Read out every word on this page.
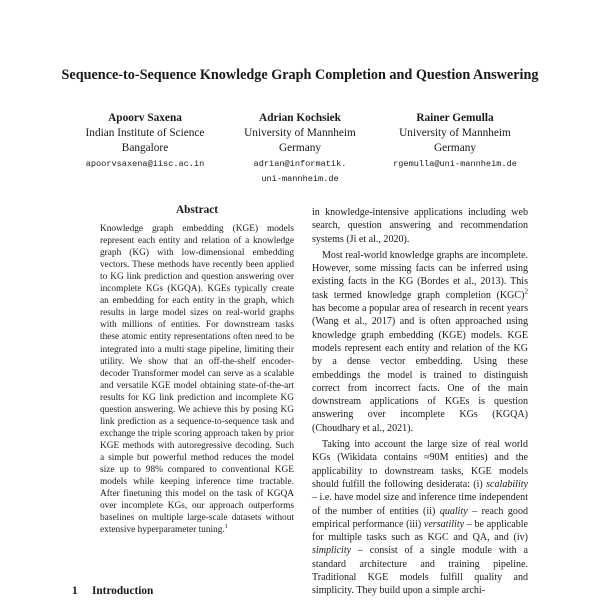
Sequence-to-Sequence Knowledge Graph Completion and Question Answering
Apoorv Saxena
Indian Institute of Science
Bangalore
apoorvsaxena@iisc.ac.in
Adrian Kochsiek
University of Mannheim
Germany
adrian@informatik.
uni-mannheim.de
Rainer Gemulla
University of Mannheim
Germany
rgemulla@uni-mannheim.de
Abstract

Knowledge graph embedding (KGE) models represent each entity and relation of a knowledge graph (KG) with low-dimensional embedding vectors. These methods have recently been applied to KG link prediction and question answering over incomplete KGs (KGQA). KGEs typically create an embedding for each entity in the graph, which results in large model sizes on real-world graphs with millions of entities. For downstream tasks these atomic entity representations often need to be integrated into a multi stage pipeline, limiting their utility. We show that an off-the-shelf encoder-decoder Transformer model can serve as a scalable and versatile KGE model obtaining state-of-the-art results for KG link prediction and incomplete KG question answering. We achieve this by posing KG link prediction as a sequence-to-sequence task and exchange the triple scoring approach taken by prior KGE methods with autoregressive decoding. Such a simple but powerful method reduces the model size up to 98% compared to conventional KGE models while keeping inference time tractable. After finetuning this model on the task of KGQA over incomplete KGs, our approach outperforms baselines on multiple large-scale datasets without extensive hyperparameter tuning.$^1$

1 Introduction

in knowledge-intensive applications including web search, question answering and recommendation systems (Ji et al., 2020).

Most real-world knowledge graphs are incomplete. However, some missing facts can be inferred using existing facts in the KG (Bordes et al., 2013). This task termed knowledge graph completion (KGC)$^2$ has become a popular area of research in recent years (Wang et al., 2017) and is often approached using knowledge graph embedding (KGE) models. KGE models represent each entity and relation of the KG by a dense vector embedding. Using these embeddings the model is trained to distinguish correct from incorrect facts. One of the main downstream applications of KGEs is question answering over incomplete KGs (KGQA) (Choudhary et al., 2021).

Taking into account the large size of real world KGs (Wikidata contains ≈90M entities) and the applicability to downstream tasks, KGE models should fulfill the following desiderata: (i) scalability – i.e. have model size and inference time independent of the number of entities (ii) quality – reach good empirical performance (iii) versatility – be applicable for multiple tasks such as KGC and QA, and (iv) simplicity – consist of a single module with a standard architecture and training pipeline. Traditional KGE models fulfill quality and simplicity. They build upon a simple archi-
